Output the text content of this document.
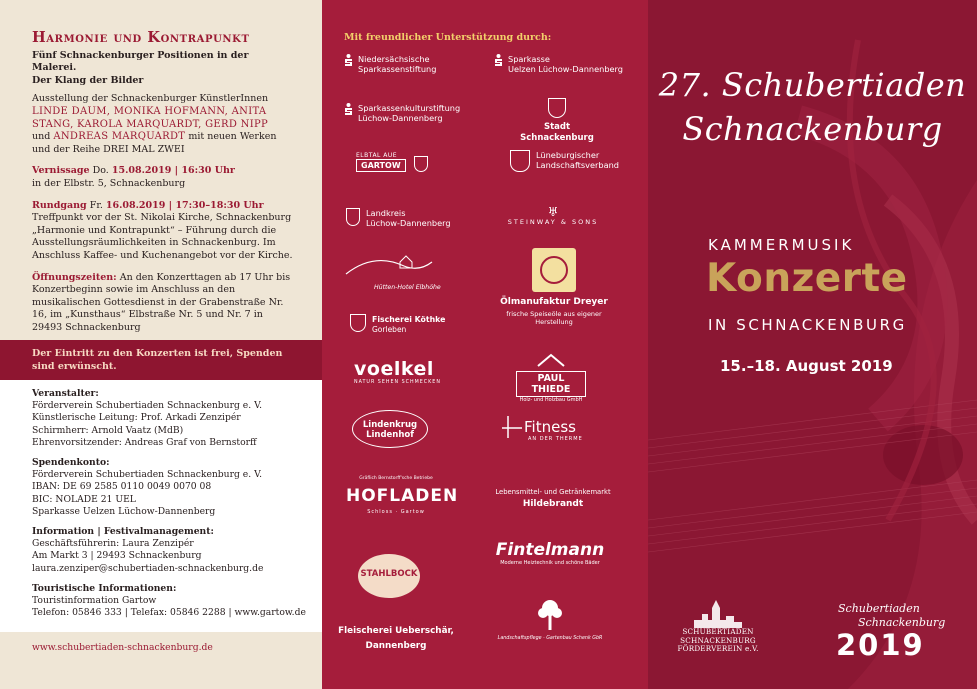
Harmonie und Kontrapunkt
Fünf Schnackenburger Positionen in der Malerei.
Der Klang der Bilder

Ausstellung der Schnackenburger KünstlerInnen
LINDE DAUM, MONIKA HOFMANN, ANITA STANG, KAROLA MARQUARDT, GERD NIPP
und ANDREAS MARQUARDT mit neuen Werken und der Reihe DREI MAL ZWEI

Vernissage Do. 15.08.2019 | 16:30 Uhr
in der Elbstr. 5, Schnackenburg

Rundgang Fr. 16.08.2019 | 17:30–18:30 Uhr
Treffpunkt vor der St. Nikolai Kirche, Schnackenburg „Harmonie und Kontrapunkt“ – Führung durch die Ausstellungsräumlichkeiten in Schnackenburg. Im Anschluss Kaffee- und Kuchenangebot vor der Kirche.

Öffnungszeiten: An den Konzerttagen ab 17 Uhr bis Konzertbeginn sowie im Anschluss an den musikalischen Gottesdienst in der Grabenstraße Nr. 16, im „Kunsthaus“ Elbstraße Nr. 5 und Nr. 7 in 29493 Schnackenburg

Der Eintritt zu den Konzerten ist frei, Spenden sind erwünscht.
Veranstalter:
Förderverein Schubertiaden Schnackenburg e. V.
Künstlerische Leitung: Prof. Arkadi Zenzipér
Schirmherr: Arnold Vaatz (MdB)
Ehrenvorsitzender: Andreas Graf von Bernstorff
Spendenkonto:
Förderverein Schubertiaden Schnackenburg e. V.
IBAN: DE 69 2585 0110 0049 0070 08
BIC: NOLADE 21 UEL
Sparkasse Uelzen Lüchow-Dannenberg
Information | Festivalmanagement:
Geschäftsführerin: Laura Zenzipér
Am Markt 3 | 29493 Schnackenburg
laura.zenziper@schubertiaden-schnackenburg.de
Touristische Informationen:
Touristinformation Gartow
Telefon: 05846 333 | Telefax: 05846 2288 | www.gartow.de
www.schubertiaden-schnackenburg.de
Mit freundlicher Unterstützung durch:
Niedersächsische
Sparkassenstiftung
Sparkasse
Uelzen Lüchow-Dannenberg
Sparkassenkulturstiftung
Lüchow-Dannenberg
Stadt Schnackenburg
ELBTAL AUE
GARTOW
Lüneburgischer
Landschaftsverband
Landkreis
Lüchow-Dannenberg
♅
STEINWAY & SONS
Hütten-Hotel Elbhöhe
Ölmanufaktur Dreyer
frische Speiseöle aus eigener Herstellung
Fischerei Köthke
Gorleben
voelkel
NATUR SEHEN SCHMECKEN	PAUL THIEDE
Holz- und Holzbau GmbH
Lindenkrug
Lindenhof	Fitness
AN DER THERME
Gräflich Bernstorff'sche Betriebe
HOFLADEN
Schloss · Gartow
Lebensmittel- und Getränkemarkt
Hildebrandt
Fintelmann
Moderne Heiztechnik und schöne Bäder
STAHLBOCK
Fleischerei Ueberschär,
Dannenberg
Landschaftspflege · Gartenbau Schenk GbR
27. Schubertiaden
Schnackenburg
KAMMERMUSIK
Konzerte
IN SCHNACKENBURG
15.–18. August 2019
SCHUBERTIADEN
SCHNACKENBURG
FÖRDERVEREIN e.V.
Schubertiaden
Schnackenburg
2019
